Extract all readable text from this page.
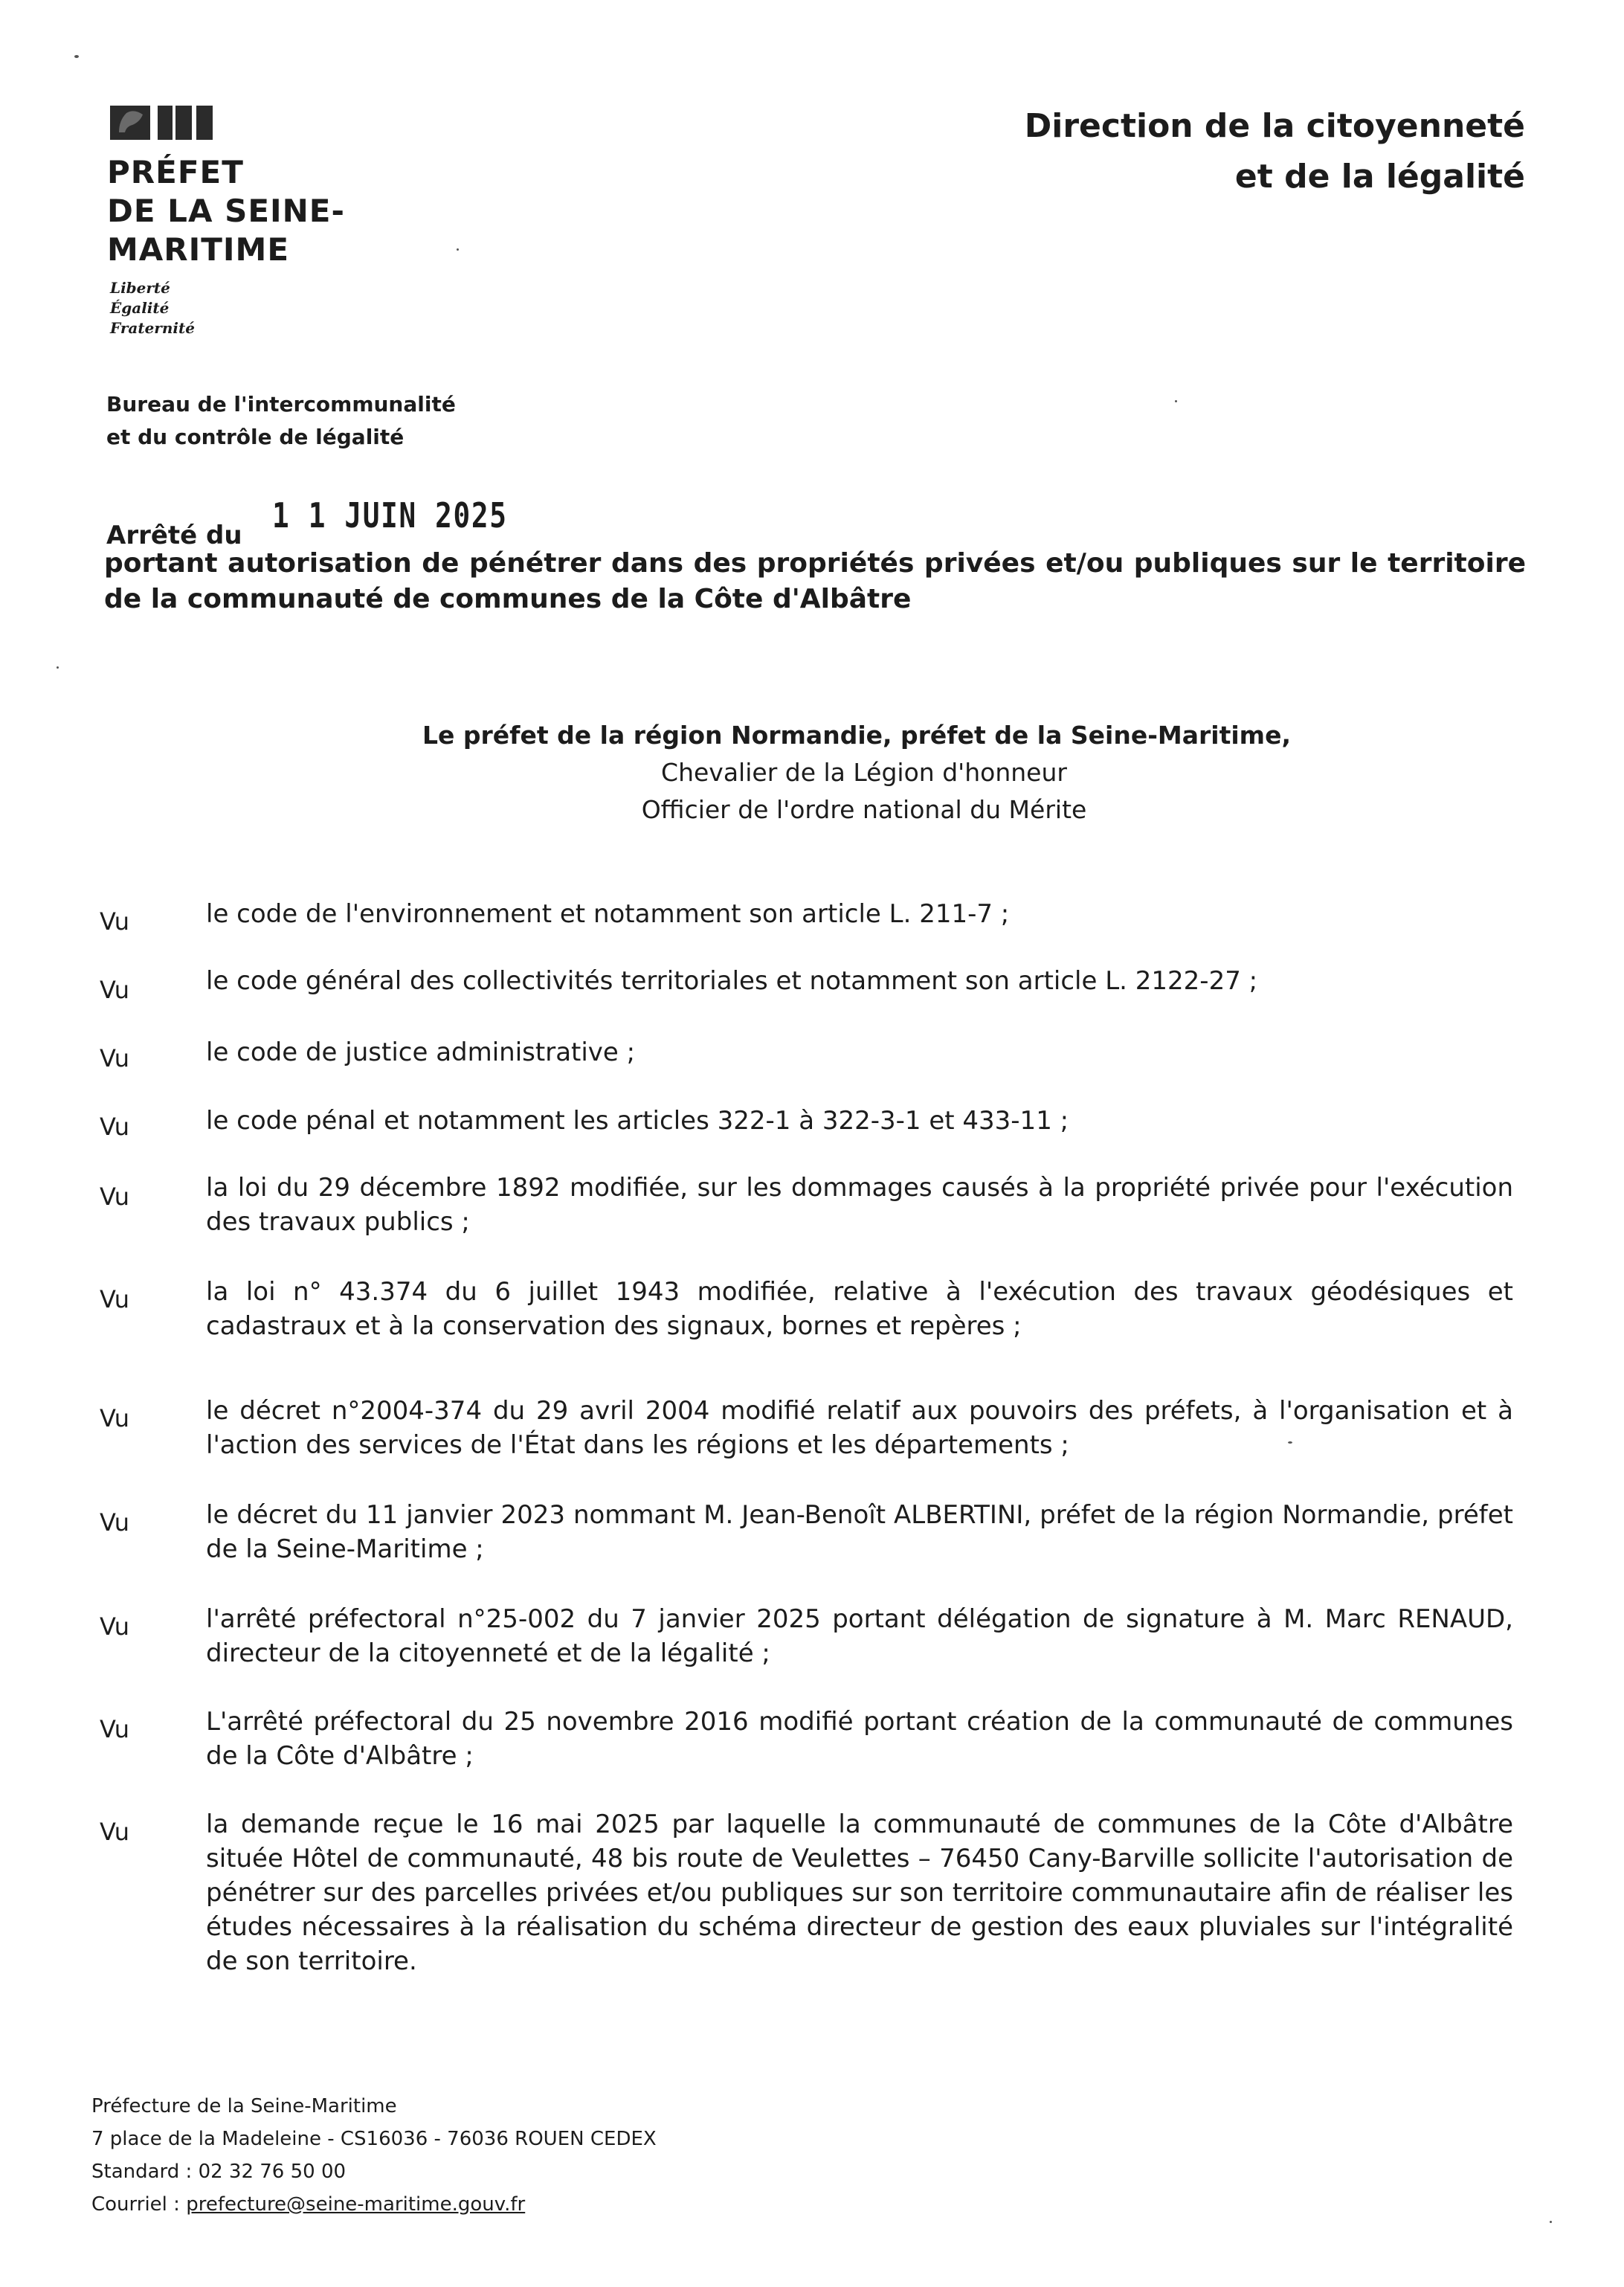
PRÉFET
DE LA SEINE-
MARITIME
Liberté
Égalité
Fraternité
Direction de la citoyenneté
et de la légalité
Bureau de l'intercommunalité
et du contrôle de légalité
Arrêté du 1 1 JUIN 2025
portant autorisation de pénétrer dans des propriétés privées et/ou publiques sur le territoire de la communauté de communes de la Côte d'Albâtre
Le préfet de la région Normandie, préfet de la Seine-Maritime,
Chevalier de la Légion d'honneur
Officier de l'ordre national du Mérite
Vu	le code de l'environnement et notamment son article L. 211-7 ;
Vu	le code général des collectivités territoriales et notamment son article L. 2122-27 ;
Vu	le code de justice administrative ;
Vu	le code pénal et notamment les articles 322-1 à 322-3-1 et 433-11 ;
Vu	la loi du 29 décembre 1892 modifiée, sur les dommages causés à la propriété privée pour l'exécution des travaux publics ;
Vu	la loi n° 43.374 du 6 juillet 1943 modifiée, relative à l'exécution des travaux géodésiques et cadastraux et à la conservation des signaux, bornes et repères ;
Vu	le décret n°2004-374 du 29 avril 2004 modifié relatif aux pouvoirs des préfets, à l'organisation et à l'action des services de l'État dans les régions et les départements ;
Vu	le décret du 11 janvier 2023 nommant M. Jean-Benoît ALBERTINI, préfet de la région Normandie, préfet de la Seine-Maritime ;
Vu	l'arrêté préfectoral n°25-002 du 7 janvier 2025 portant délégation de signature à M. Marc RENAUD, directeur de la citoyenneté et de la légalité ;
Vu	L'arrêté préfectoral du 25 novembre 2016 modifié portant création de la communauté de communes de la Côte d'Albâtre ;
Vu	la demande reçue le 16 mai 2025 par laquelle la communauté de communes de la Côte d'Albâtre située Hôtel de communauté, 48 bis route de Veulettes – 76450 Cany-Barville sollicite l'autorisation de pénétrer sur des parcelles privées et/ou publiques sur son territoire communautaire afin de réaliser les études nécessaires à la réalisation du schéma directeur de gestion des eaux pluviales sur l'intégralité de son territoire.
Préfecture de la Seine-Maritime
7 place de la Madeleine - CS16036 - 76036 ROUEN CEDEX
Standard : 02 32 76 50 00
Courriel : prefecture@seine-maritime.gouv.fr
